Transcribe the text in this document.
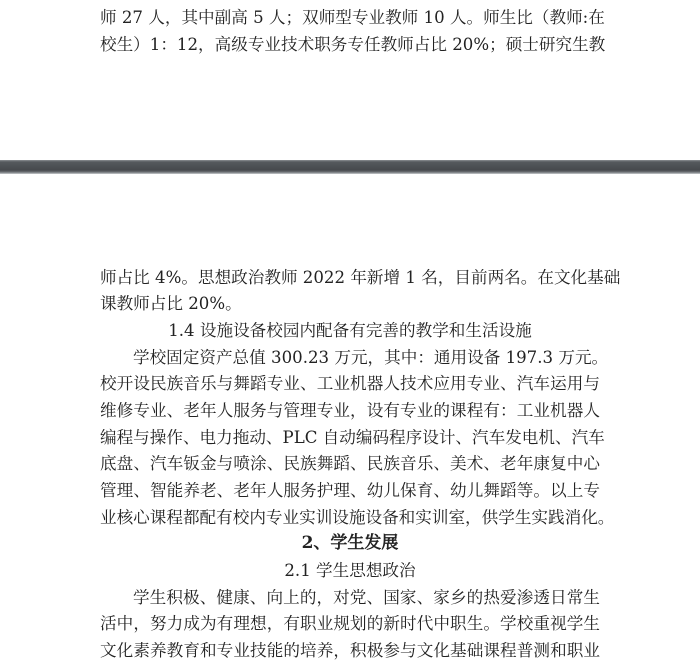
师 27 人，其中副高 5 人；双师型专业教师 10 人。师生比（教师:在
校生）1：12，高级专业技术职务专任教师占比 20%；硕士研究生教
师占比 4%。思想政治教师 2022 年新增 1 名，目前两名。在文化基础
课教师占比 20%。
1.4 设施设备校园内配备有完善的教学和生活设施
学校固定资产总值 300.23 万元，其中：通用设备 197.3 万元。
校开设民族音乐与舞蹈专业、工业机器人技术应用专业、汽车运用与
维修专业、老年人服务与管理专业，设有专业的课程有：工业机器人
编程与操作、电力拖动、PLC 自动编码程序设计、汽车发电机、汽车
底盘、汽车钣金与喷涂、民族舞蹈、民族音乐、美术、老年康复中心
管理、智能养老、老年人服务护理、幼儿保育、幼儿舞蹈等。以上专
业核心课程都配有校内专业实训设施设备和实训室，供学生实践消化。
2、学生发展
2.1 学生思想政治
学生积极、健康、向上的，对党、国家、家乡的热爱渗透日常生
活中，努力成为有理想，有职业规划的新时代中职生。学校重视学生
文化素养教育和专业技能的培养，积极参与文化基础课程普测和职业
